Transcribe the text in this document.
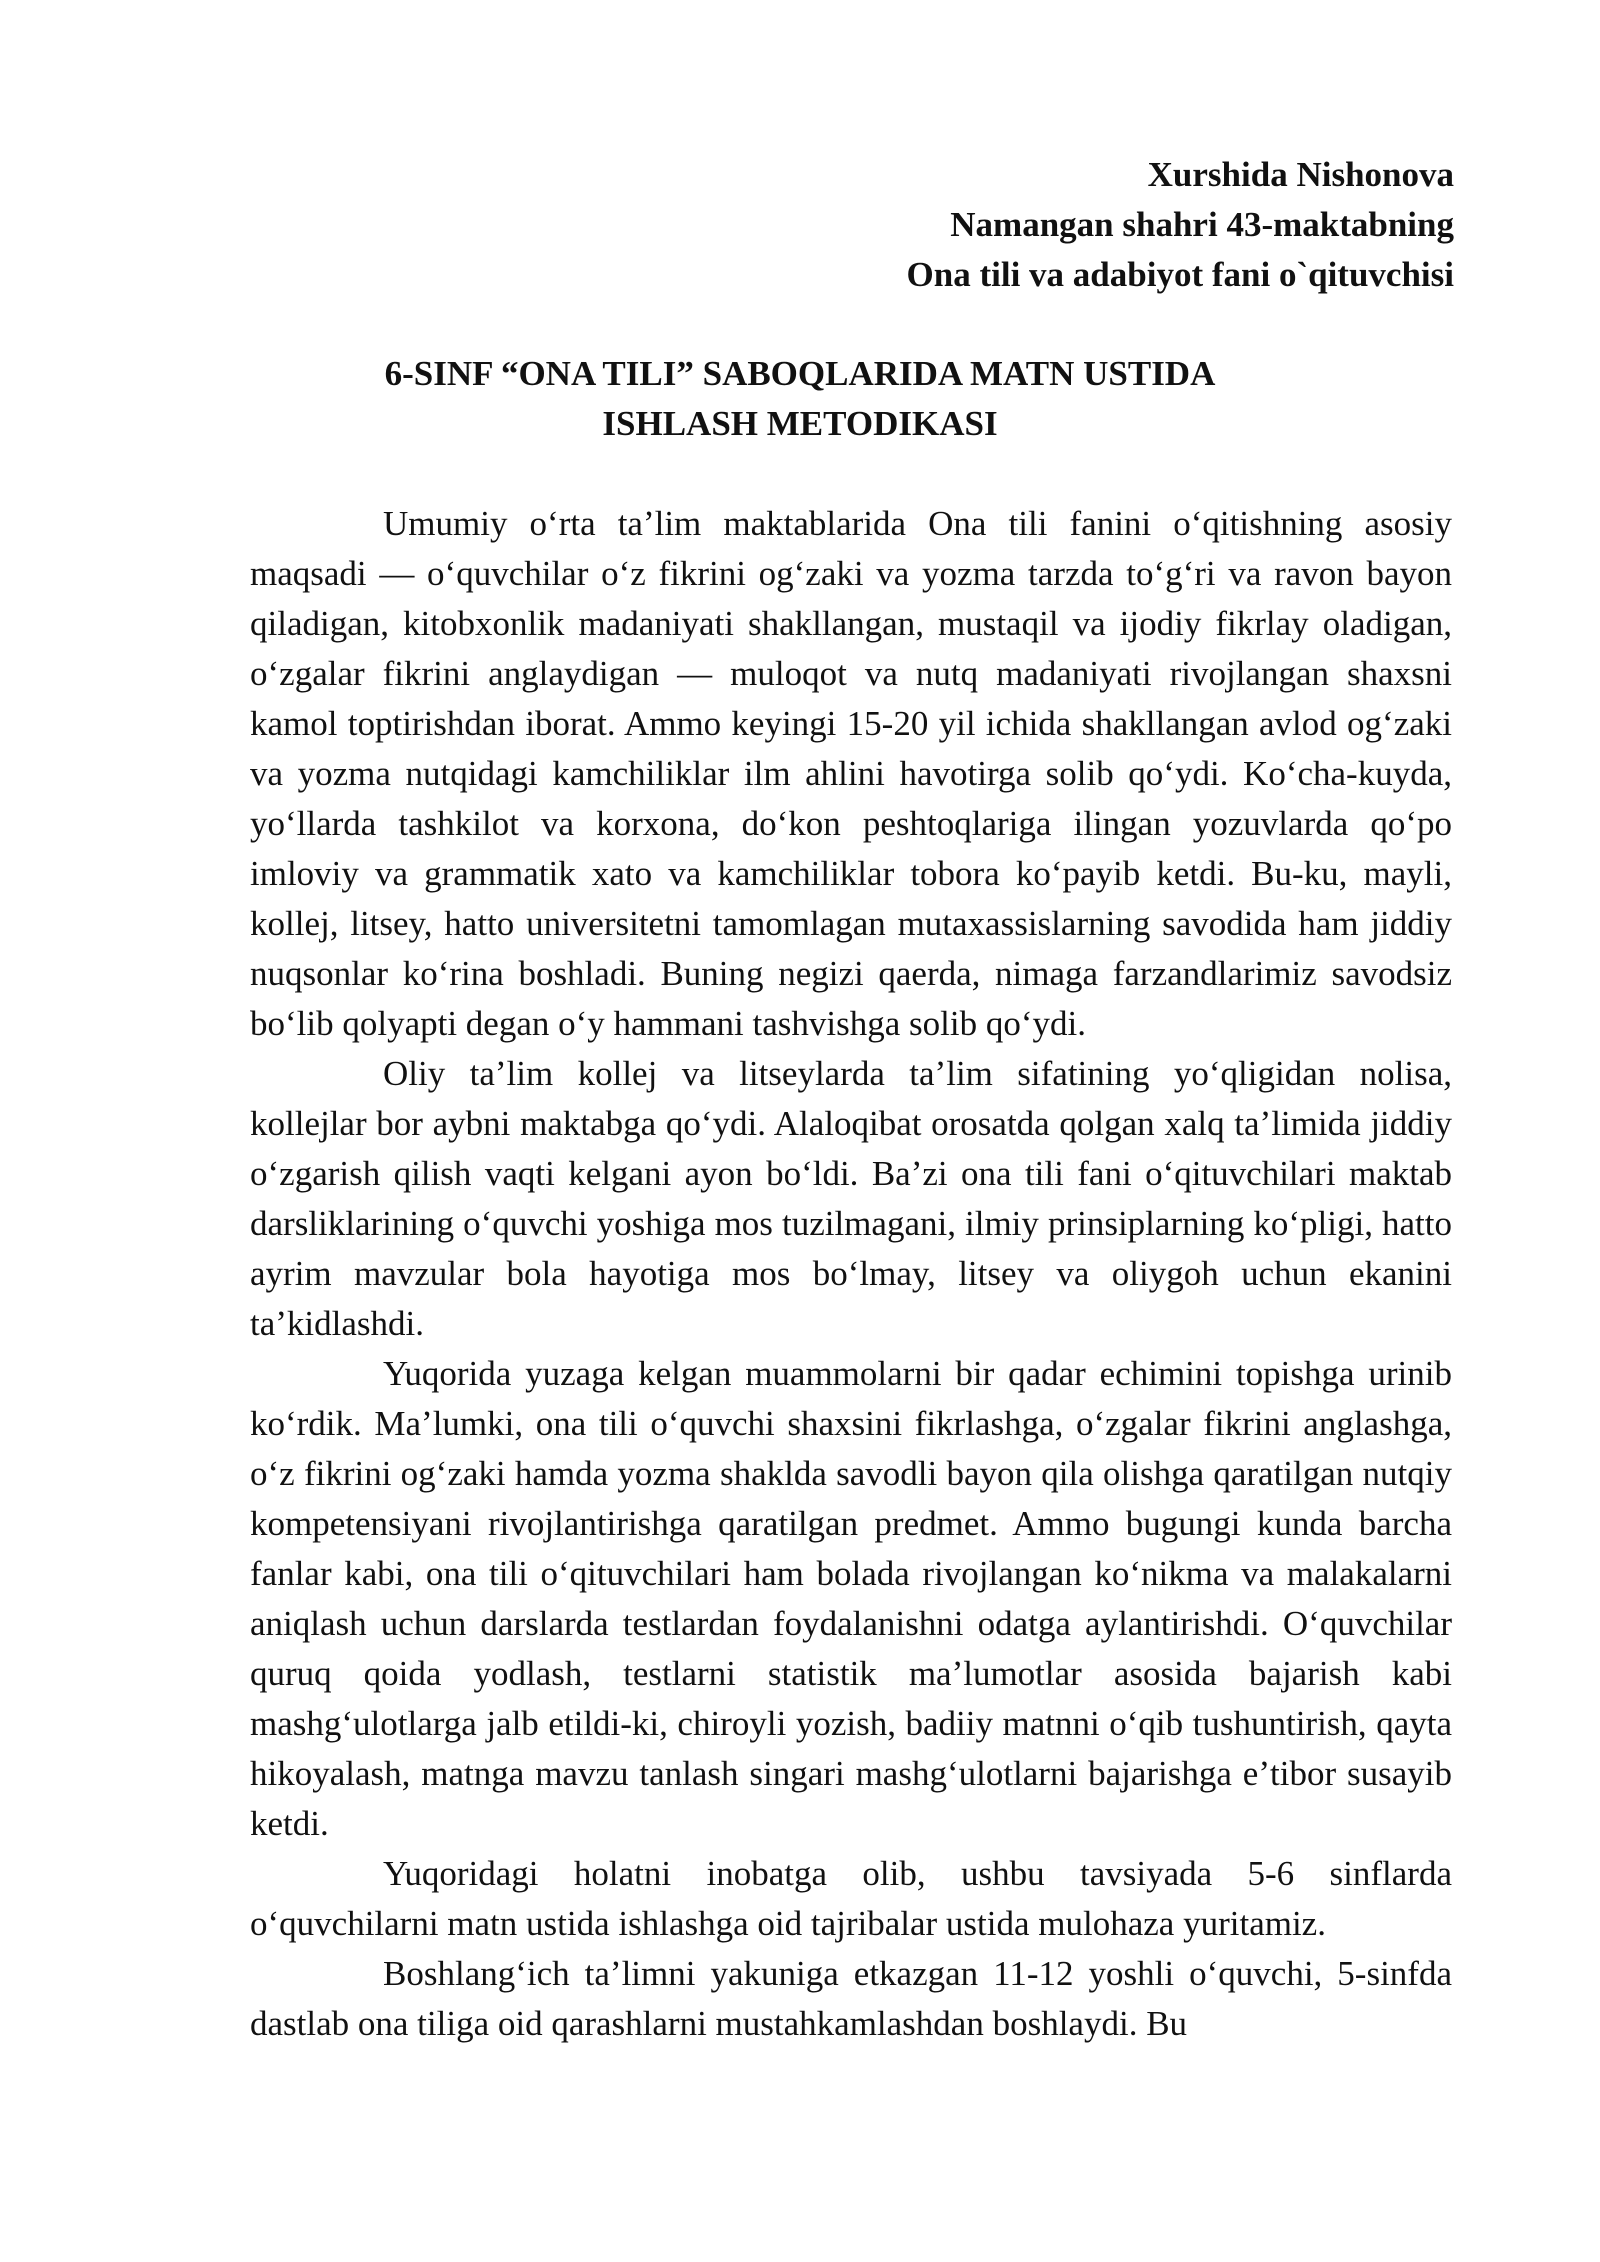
Xurshida Nishonova
Namangan shahri 43-maktabning
Ona tili va adabiyot fani o`qituvchisi
6-SINF “ONA TILI” SABOQLARIDA MATN USTIDA
ISHLASH METODIKASI

Umumiy oʻrta taʼlim maktablarida Ona tili fanini oʻqitishning asosiy maqsadi — oʻquvchilar oʻz fikrini ogʻzaki va yozma tarzda toʻgʻri va ravon bayon qiladigan, kitobxonlik madaniyati shakllangan, mustaqil va ijodiy fikrlay oladigan, oʻzgalar fikrini anglaydigan — muloqot va nutq madaniyati rivojlangan shaxsni kamol toptirishdan iborat. Ammo keyingi 15-20 yil ichida shakllangan avlod ogʻzaki va yozma nutqidagi kamchiliklar ilm ahlini havotirga solib qoʻydi. Koʻcha-kuyda, yoʻllarda tashkilot va korxona, doʻkon peshtoqlariga ilingan yozuvlarda qoʻpo imloviy va grammatik xato va kamchiliklar tobora koʻpayib ketdi. Bu-ku, mayli, kollej, litsey, hatto universitetni tamomlagan mutaxassislarning savodida ham jiddiy nuqsonlar koʻrina boshladi. Buning negizi qaerda, nimaga farzandlarimiz savodsiz boʻlib qolyapti degan oʻy hammani tashvishga solib qoʻydi.

Oliy taʼlim kollej va litseylarda taʼlim sifatining yoʻqligidan nolisa, kollejlar bor aybni maktabga qoʻydi. Alaloqibat orosatda qolgan xalq taʼlimida jiddiy oʻzgarish qilish vaqti kelgani ayon boʻldi. Baʼzi ona tili fani oʻqituvchilari maktab darsliklarining oʻquvchi yoshiga mos tuzilmagani, ilmiy prinsiplarning koʻpligi, hatto ayrim mavzular bola hayotiga mos boʻlmay, litsey va oliygoh uchun ekanini taʼkidlashdi.

Yuqorida yuzaga kelgan muammolarni bir qadar echimini topishga urinib koʻrdik. Maʼlumki, ona tili oʻquvchi shaxsini fikrlashga, oʻzgalar fikrini anglashga, oʻz fikrini ogʻzaki hamda yozma shaklda savodli bayon qila olishga qaratilgan nutqiy kompetensiyani rivojlantirishga qaratilgan predmet. Ammo bugungi kunda barcha fanlar kabi, ona tili oʻqituvchilari ham bolada rivojlangan koʻnikma va malakalarni aniqlash uchun darslarda testlardan foydalanishni odatga aylantirishdi. Oʻquvchilar quruq qoida yodlash, testlarni statistik maʼlumotlar asosida bajarish kabi mashgʻulotlarga jalb etildi-ki, chiroyli yozish, badiiy matnni oʻqib tushuntirish, qayta hikoyalash, matnga mavzu tanlash singari mashgʻulotlarni bajarishga eʼtibor susayib ketdi.

Yuqoridagi holatni inobatga olib, ushbu tavsiyada 5-6 sinflarda oʻquvchilarni matn ustida ishlashga oid tajribalar ustida mulohaza yuritamiz.

Boshlangʻich taʼlimni yakuniga etkazgan 11-12 yoshli oʻquvchi, 5-sinfda dastlab ona tiliga oid qarashlarni mustahkamlashdan boshlaydi. Bu
